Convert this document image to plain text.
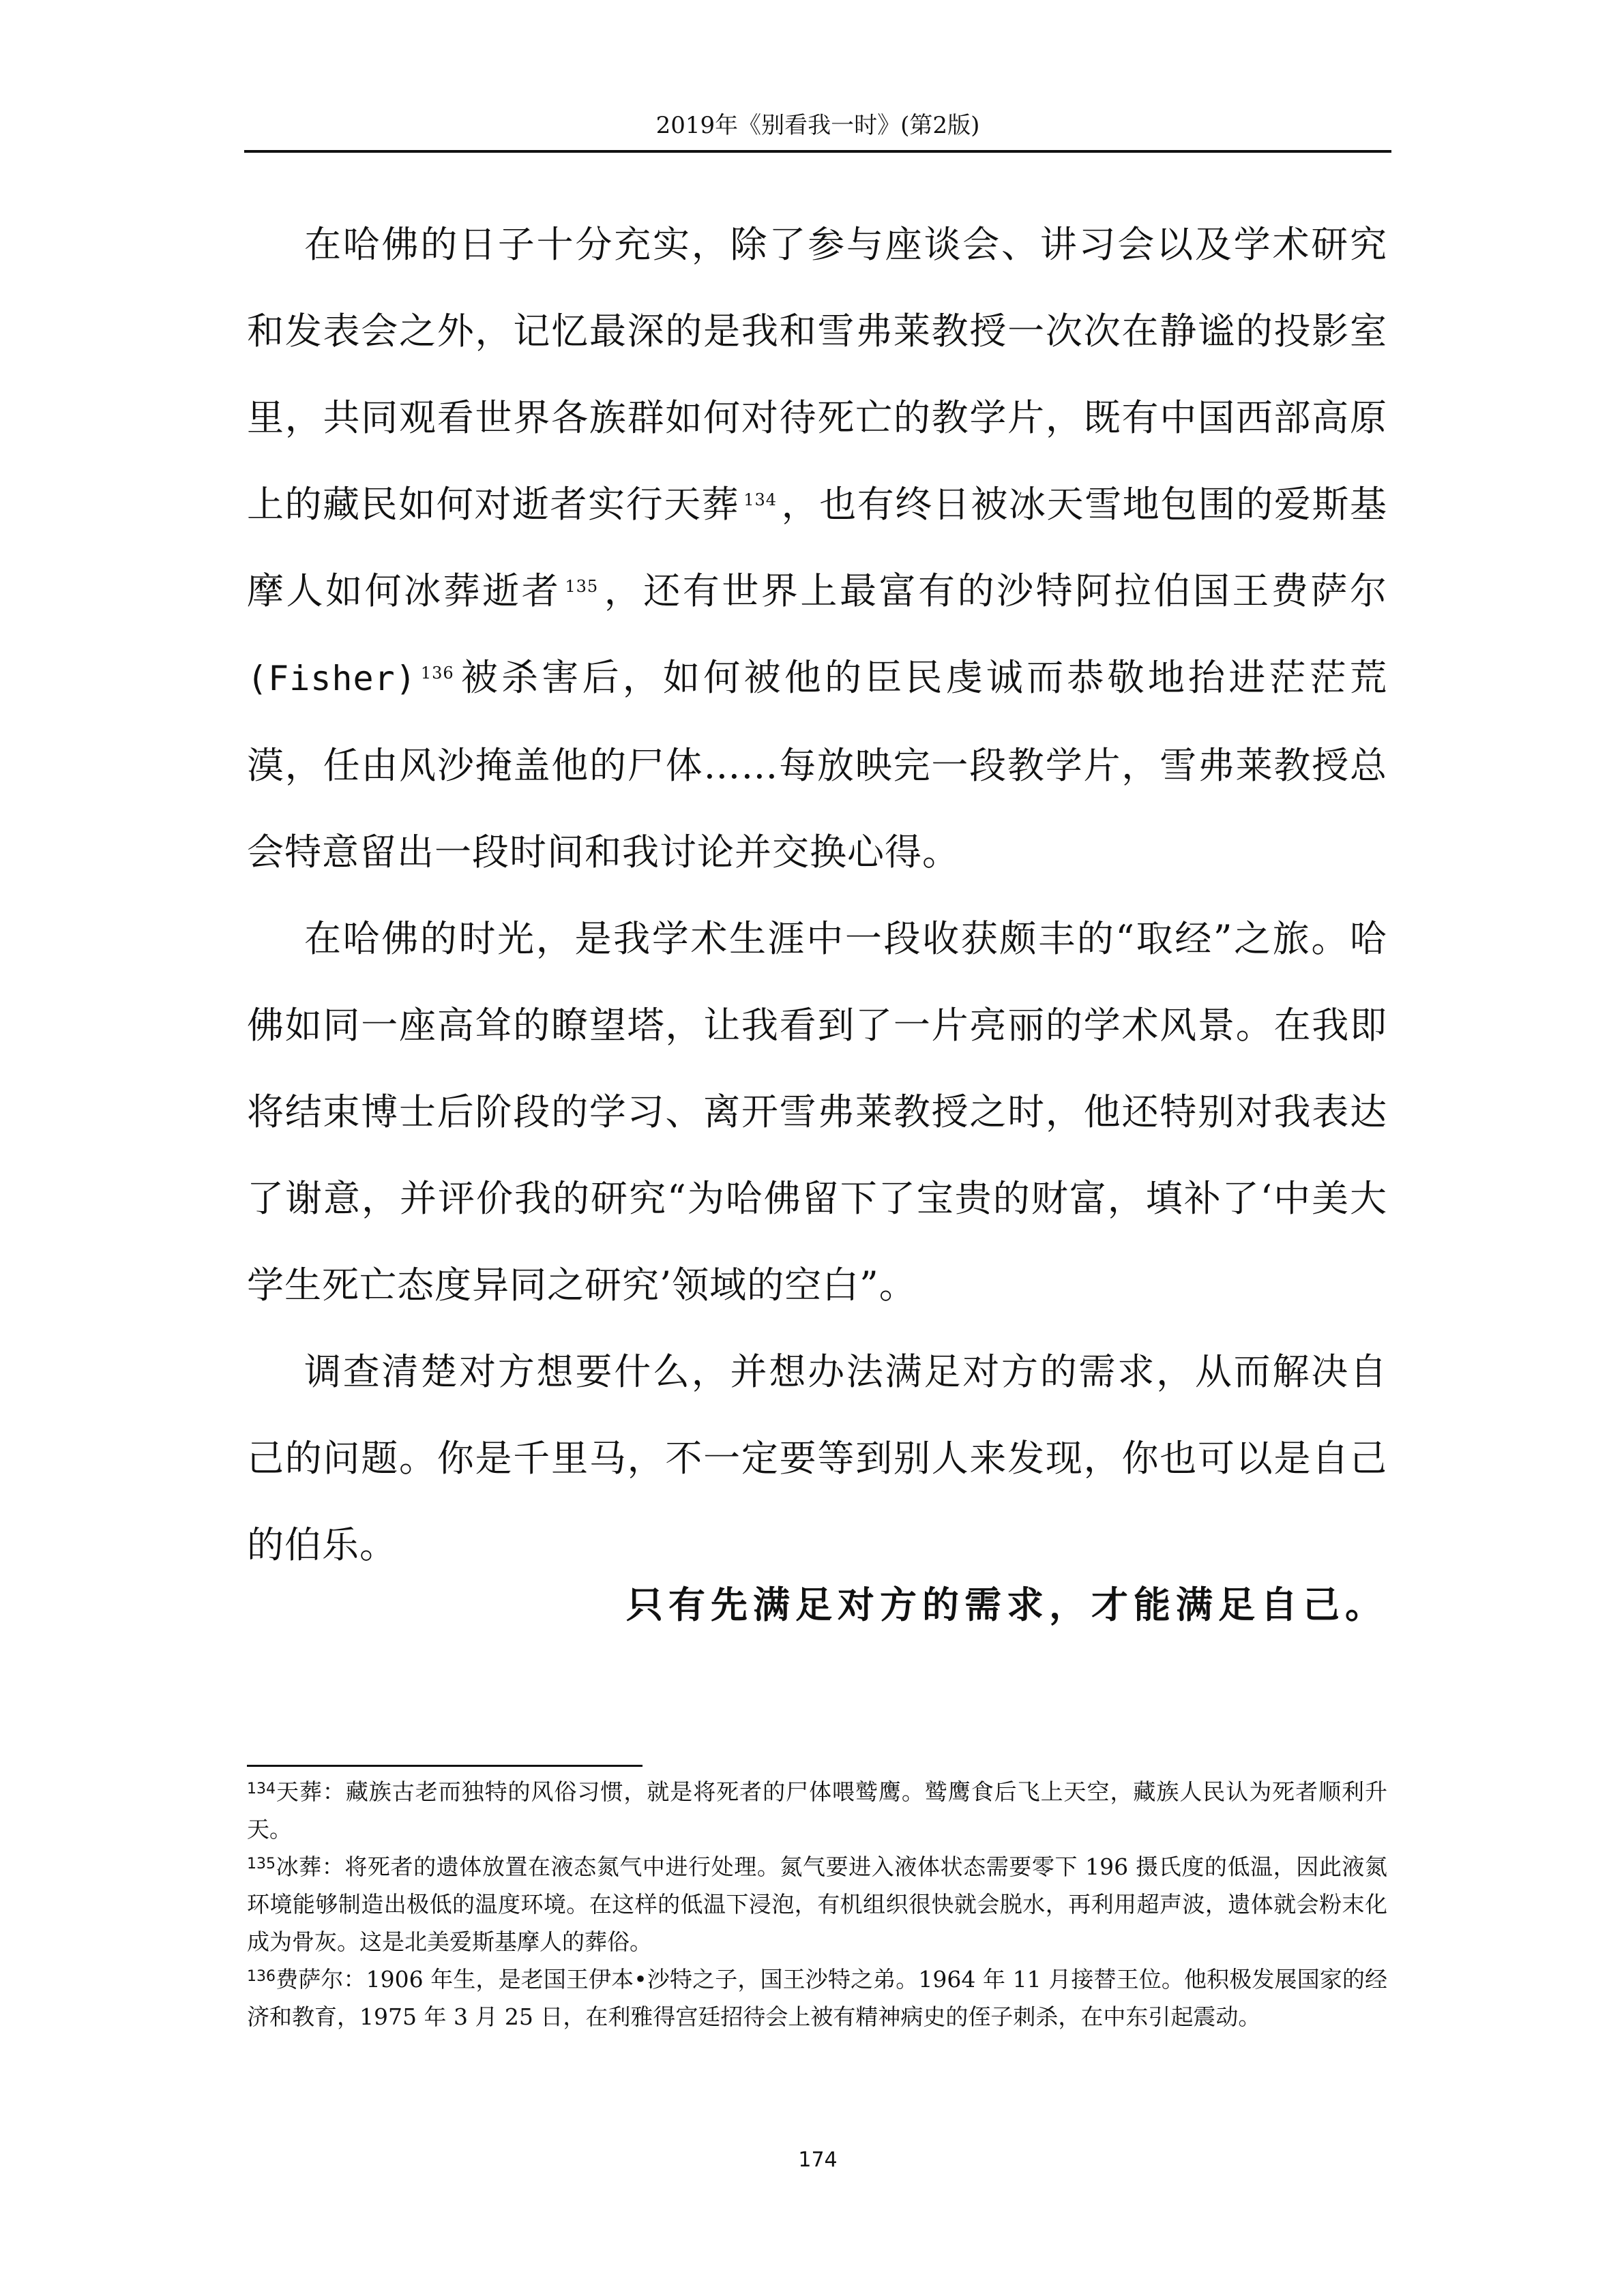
2019年《别看我一时》(第2版)

在哈佛的日子十分充实，除了参与座谈会、讲习会以及学术研究和发表会之外，记忆最深的是我和雪弗莱教授一次次在静谧的投影室里，共同观看世界各族群如何对待死亡的教学片，既有中国西部高原上的藏民如何对逝者实行天葬 $^{134}$ ，也有终日被冰天雪地包围的爱斯基摩人如何冰葬逝者 $^{135}$ ，还有世界上最富有的沙特阿拉伯国王费萨尔(Fisher) $^{136}$ 被杀害后，如何被他的臣民虔诚而恭敬地抬进茫茫荒漠，任由风沙掩盖他的尸体……每放映完一段教学片，雪弗莱教授总会特意留出一段时间和我讨论并交换心得。

在哈佛的时光，是我学术生涯中一段收获颇丰的“取经”之旅。哈佛如同一座高耸的瞭望塔，让我看到了一片亮丽的学术风景。在我即将结束博士后阶段的学习、离开雪弗莱教授之时，他还特别对我表达了谢意，并评价我的研究“为哈佛留下了宝贵的财富，填补了‘中美大学生死亡态度异同之研究’领域的空白”。

调查清楚对方想要什么，并想办法满足对方的需求，从而解决自己的问题。你是千里马，不一定要等到别人来发现，你也可以是自己的伯乐。

只有先满足对方的需求，才能满足自己。

$^{134}$天葬：藏族古老而独特的风俗习惯，就是将死者的尸体喂鹫鹰。鹫鹰食后飞上天空，藏族人民认为死者顺利升天。

$^{135}$冰葬：将死者的遗体放置在液态氮气中进行处理。氮气要进入液体状态需要零下 196 摄氏度的低温，因此液氮环境能够制造出极低的温度环境。在这样的低温下浸泡，有机组织很快就会脱水，再利用超声波，遗体就会粉末化成为骨灰。这是北美爱斯基摩人的葬俗。

$^{136}$费萨尔：1906 年生，是老国王伊本•沙特之子，国王沙特之弟。1964 年 11 月接替王位。他积极发展国家的经济和教育，1975 年 3 月 25 日，在利雅得宫廷招待会上被有精神病史的侄子刺杀，在中东引起震动。

174
